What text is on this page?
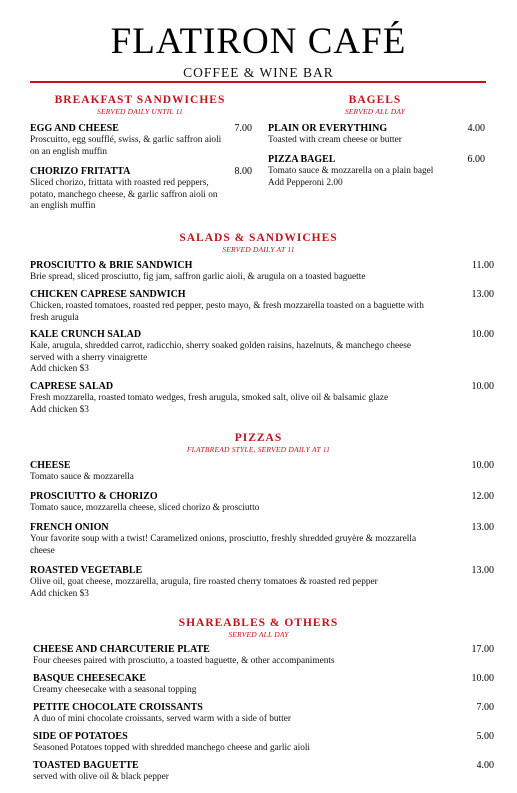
FLATIRON CAFÉ
COFFEE & WINE BAR
BREAKFAST SANDWICHES
SERVED DAILY UNTIL 11
EGG AND CHEESE	7.00
Proscuitto, egg soufflé, swiss, & garlic saffron aioli
on an english muffin
CHORIZO FRITATTA	8.00
Sliced chorizo, frittata with roasted red peppers,
potato, manchego cheese, & garlic saffron aioli on
an english muffin
BAGELS
SERVED ALL DAY
PLAIN OR EVERYTHING	4.00
Toasted with cream cheese or butter
PIZZA BAGEL	6.00
Tomato sauce & mozzarella on a plain bagel
Add Pepperoni 2.00
SALADS & SANDWICHES
SERVED DAILY AT 11
PROSCIUTTO & BRIE SANDWICH	11.00
Brie spread, sliced prosciutto, fig jam, saffron garlic aioli, & arugula on a toasted baguette
CHICKEN CAPRESE SANDWICH	13.00
Chicken, roasted tomatoes, roasted red pepper, pesto mayo, & fresh mozzarella toasted on a baguette with
fresh arugula
KALE CRUNCH SALAD	10.00
Kale, arugula, shredded carrot, radicchio, sherry soaked golden raisins, hazelnuts, & manchego cheese
served with a sherry vinaigrette
Add chicken $3
CAPRESE SALAD	10.00
Fresh mozzarella, roasted tomato wedges, fresh arugula, smoked salt, olive oil & balsamic glaze
Add chicken $3
PIZZAS
FLATBREAD STYLE, SERVED DAILY AT 11
CHEESE	10.00
Tomato sauce & mozzarella
PROSCIUTTO & CHORIZO	12.00
Tomato sauce, mozzarella cheese, sliced chorizo & prosciutto
FRENCH ONION	13.00
Your favorite soup with a twist! Caramelized onions, prosciutto, freshly shredded gruyère & mozzarella
cheese
ROASTED VEGETABLE	13.00
Olive oil, goat cheese, mozzarella, arugula, fire roasted cherry tomatoes & roasted red pepper
Add chicken $3
SHAREABLES & OTHERS
SERVED ALL DAY
CHEESE AND CHARCUTERIE PLATE	17.00
Four cheeses paired with prosciutto, a toasted baguette, & other accompaniments
BASQUE CHEESECAKE	10.00
Creamy cheesecake with a seasonal topping
PETITE CHOCOLATE CROISSANTS	7.00
A duo of mini chocolate croissants, served warm with a side of butter
SIDE OF POTATOES	5.00
Seasoned Potatoes topped with shredded manchego cheese and garlic aioli
TOASTED BAGUETTE	4.00
served with olive oil & black pepper
